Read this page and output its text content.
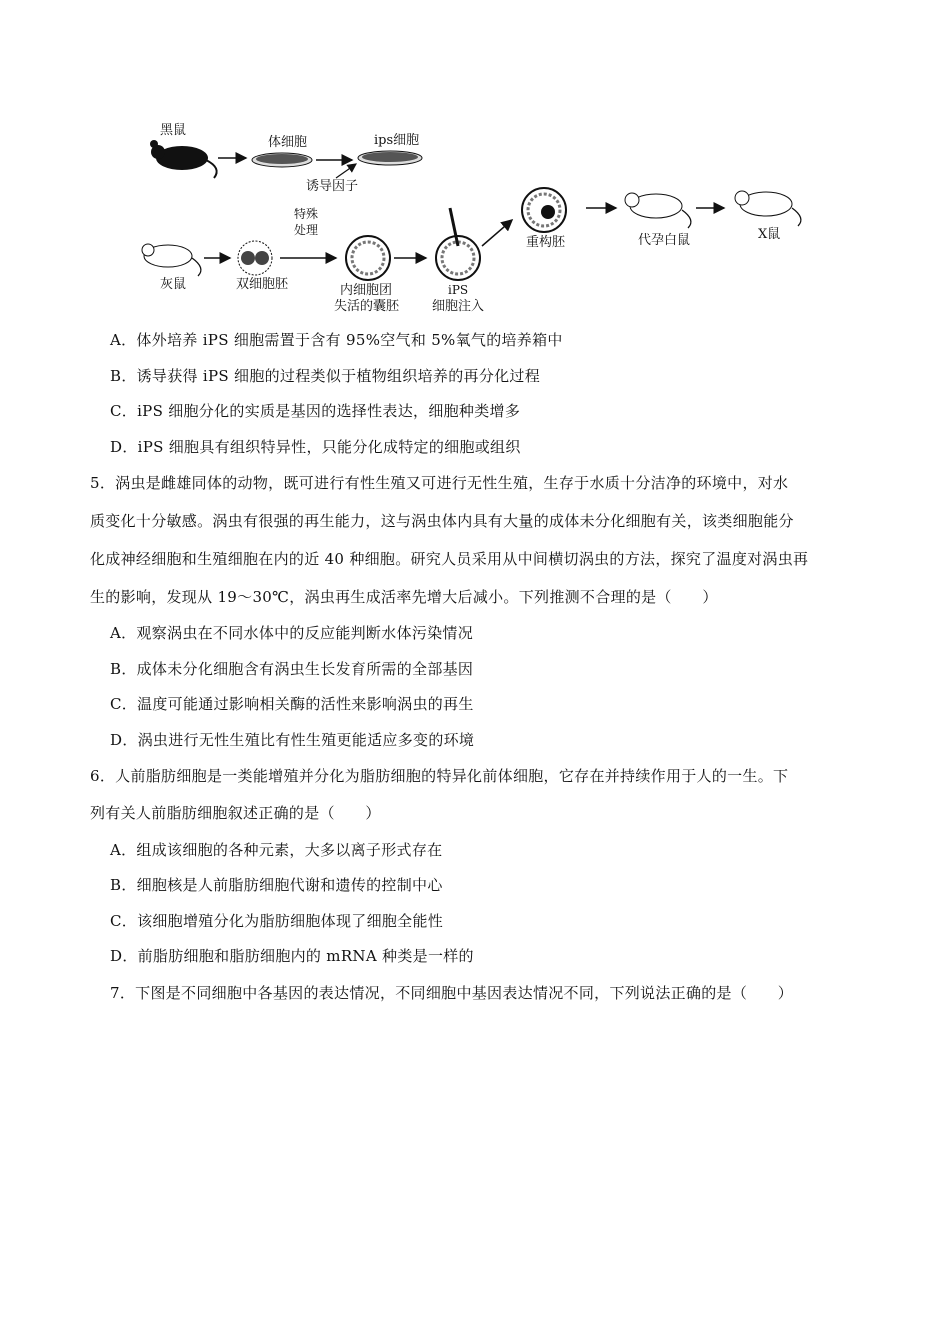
黑鼠
体细胞	ips细胞
诱导因子
特殊
处理
灰鼠	双细胞胚	内细胞团
失活的囊胚
iPS
细胞注入
重构胚	代孕白鼠	X鼠
A．体外培养 iPS 细胞需置于含有 95%空气和 5%氧气的培养箱中
B．诱导获得 iPS 细胞的过程类似于植物组织培养的再分化过程
C．iPS 细胞分化的实质是基因的选择性表达，细胞种类增多
D．iPS 细胞具有组织特异性，只能分化成特定的细胞或组织
5．涡虫是雌雄同体的动物，既可进行有性生殖又可进行无性生殖，生存于水质十分洁净的环境中，对水
质变化十分敏感。涡虫有很强的再生能力，这与涡虫体内具有大量的成体未分化细胞有关，该类细胞能分
化成神经细胞和生殖细胞在内的近 40 种细胞。研究人员采用从中间横切涡虫的方法，探究了温度对涡虫再
生的影响，发现从 19～30℃，涡虫再生成活率先增大后减小。下列推测不合理的是（　　）
A．观察涡虫在不同水体中的反应能判断水体污染情况
B．成体未分化细胞含有涡虫生长发育所需的全部基因
C．温度可能通过影响相关酶的活性来影响涡虫的再生
D．涡虫进行无性生殖比有性生殖更能适应多变的环境
6．人前脂肪细胞是一类能增殖并分化为脂肪细胞的特异化前体细胞，它存在并持续作用于人的一生。下
列有关人前脂肪细胞叙述正确的是（　　）
A．组成该细胞的各种元素，大多以离子形式存在
B．细胞核是人前脂肪细胞代谢和遗传的控制中心
C．该细胞增殖分化为脂肪细胞体现了细胞全能性
D．前脂肪细胞和脂肪细胞内的 mRNA 种类是一样的
7．下图是不同细胞中各基因的表达情况，不同细胞中基因表达情况不同，下列说法正确的是（　　）
